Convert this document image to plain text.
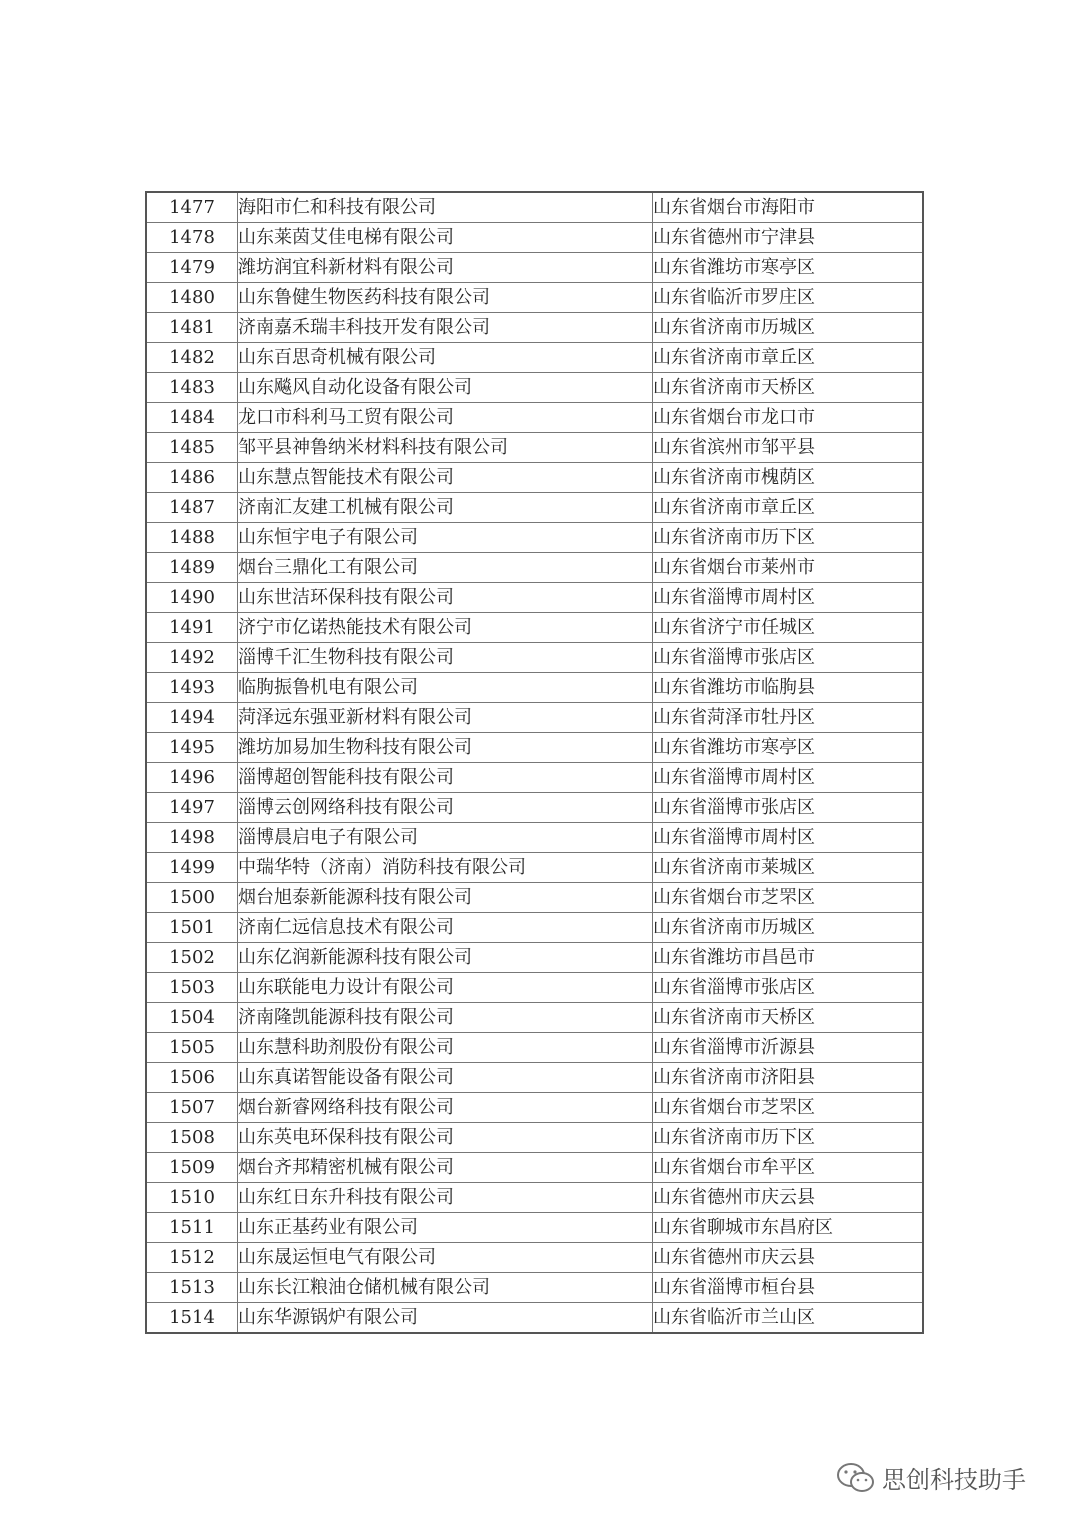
1477	海阳市仁和科技有限公司	山东省烟台市海阳市
1478	山东莱茵艾佳电梯有限公司	山东省德州市宁津县
1479	潍坊润宜科新材料有限公司	山东省潍坊市寒亭区
1480	山东鲁健生物医药科技有限公司	山东省临沂市罗庄区
1481	济南嘉禾瑞丰科技开发有限公司	山东省济南市历城区
1482	山东百思奇机械有限公司	山东省济南市章丘区
1483	山东飚风自动化设备有限公司	山东省济南市天桥区
1484	龙口市科利马工贸有限公司	山东省烟台市龙口市
1485	邹平县神鲁纳米材料科技有限公司	山东省滨州市邹平县
1486	山东慧点智能技术有限公司	山东省济南市槐荫区
1487	济南汇友建工机械有限公司	山东省济南市章丘区
1488	山东恒宇电子有限公司	山东省济南市历下区
1489	烟台三鼎化工有限公司	山东省烟台市莱州市
1490	山东世洁环保科技有限公司	山东省淄博市周村区
1491	济宁市亿诺热能技术有限公司	山东省济宁市任城区
1492	淄博千汇生物科技有限公司	山东省淄博市张店区
1493	临朐振鲁机电有限公司	山东省潍坊市临朐县
1494	菏泽远东强亚新材料有限公司	山东省菏泽市牡丹区
1495	潍坊加易加生物科技有限公司	山东省潍坊市寒亭区
1496	淄博超创智能科技有限公司	山东省淄博市周村区
1497	淄博云创网络科技有限公司	山东省淄博市张店区
1498	淄博晨启电子有限公司	山东省淄博市周村区
1499	中瑞华特（济南）消防科技有限公司	山东省济南市莱城区
1500	烟台旭泰新能源科技有限公司	山东省烟台市芝罘区
1501	济南仁远信息技术有限公司	山东省济南市历城区
1502	山东亿润新能源科技有限公司	山东省潍坊市昌邑市
1503	山东联能电力设计有限公司	山东省淄博市张店区
1504	济南隆凯能源科技有限公司	山东省济南市天桥区
1505	山东慧科助剂股份有限公司	山东省淄博市沂源县
1506	山东真诺智能设备有限公司	山东省济南市济阳县
1507	烟台新睿网络科技有限公司	山东省烟台市芝罘区
1508	山东英电环保科技有限公司	山东省济南市历下区
1509	烟台齐邦精密机械有限公司	山东省烟台市牟平区
1510	山东红日东升科技有限公司	山东省德州市庆云县
1511	山东正基药业有限公司	山东省聊城市东昌府区
1512	山东晟运恒电气有限公司	山东省德州市庆云县
1513	山东长江粮油仓储机械有限公司	山东省淄博市桓台县
1514	山东华源锅炉有限公司	山东省临沂市兰山区
思创科技助手
